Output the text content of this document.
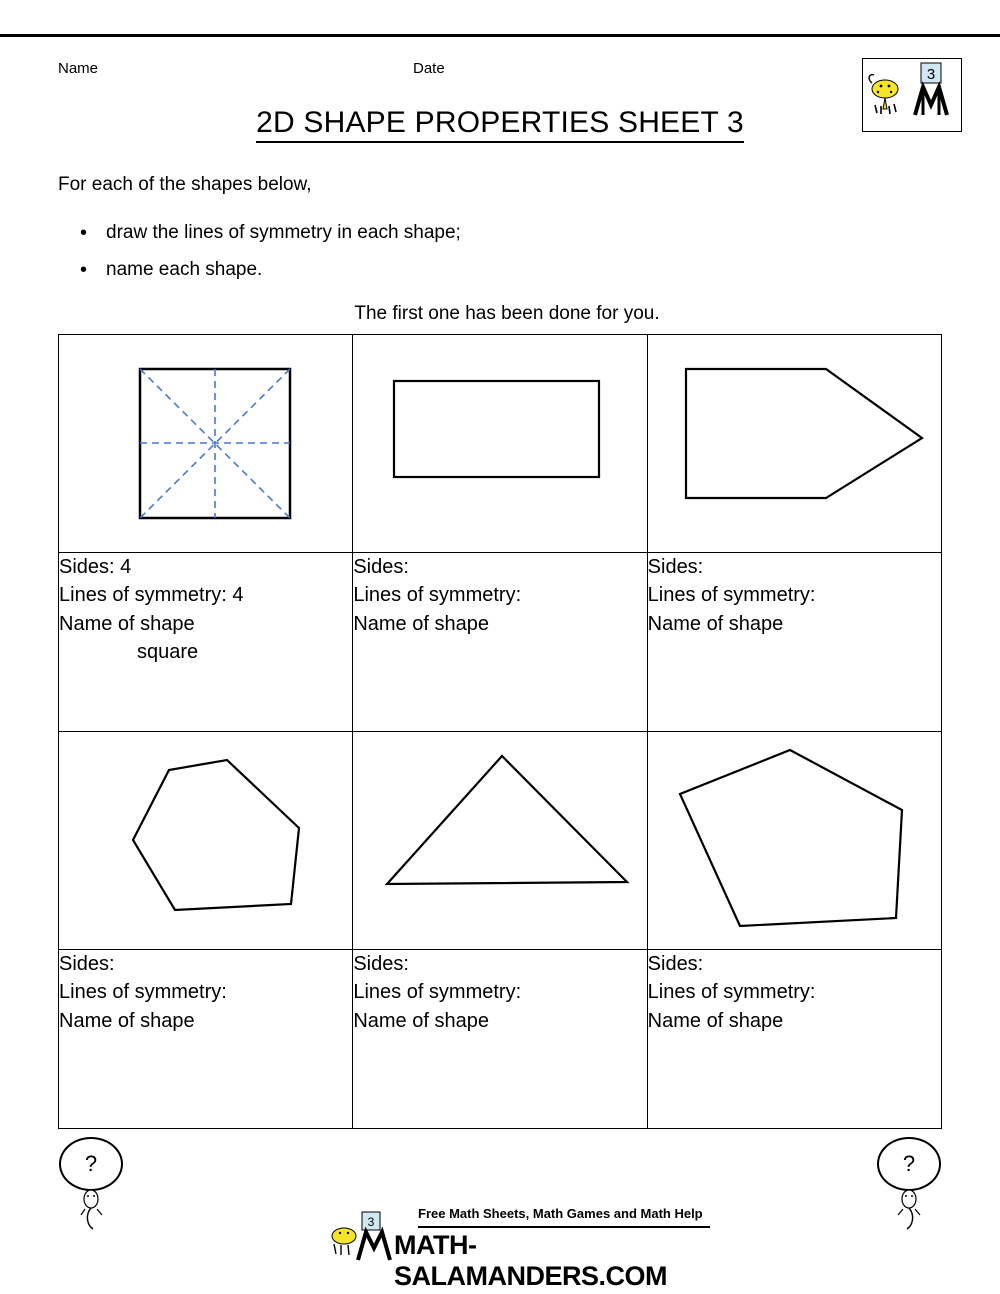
Name	Date	3
2D SHAPE PROPERTIES SHEET 3
For each of the shapes below,
• draw the lines of symmetry in each shape;
• name each shape.
The first one has been done for you.

Sides: 4
Lines of symmetry: 4
Name of shape
square

Sides:
Lines of symmetry:
Name of shape

Sides:
Lines of symmetry:
Name of shape

Sides:
Lines of symmetry:
Name of shape

Sides:
Lines of symmetry:
Name of shape

Sides:
Lines of symmetry:
Name of shape
?	?
3
Free Math Sheets, Math Games and Math Help
MATH-SALAMANDERS.COM
